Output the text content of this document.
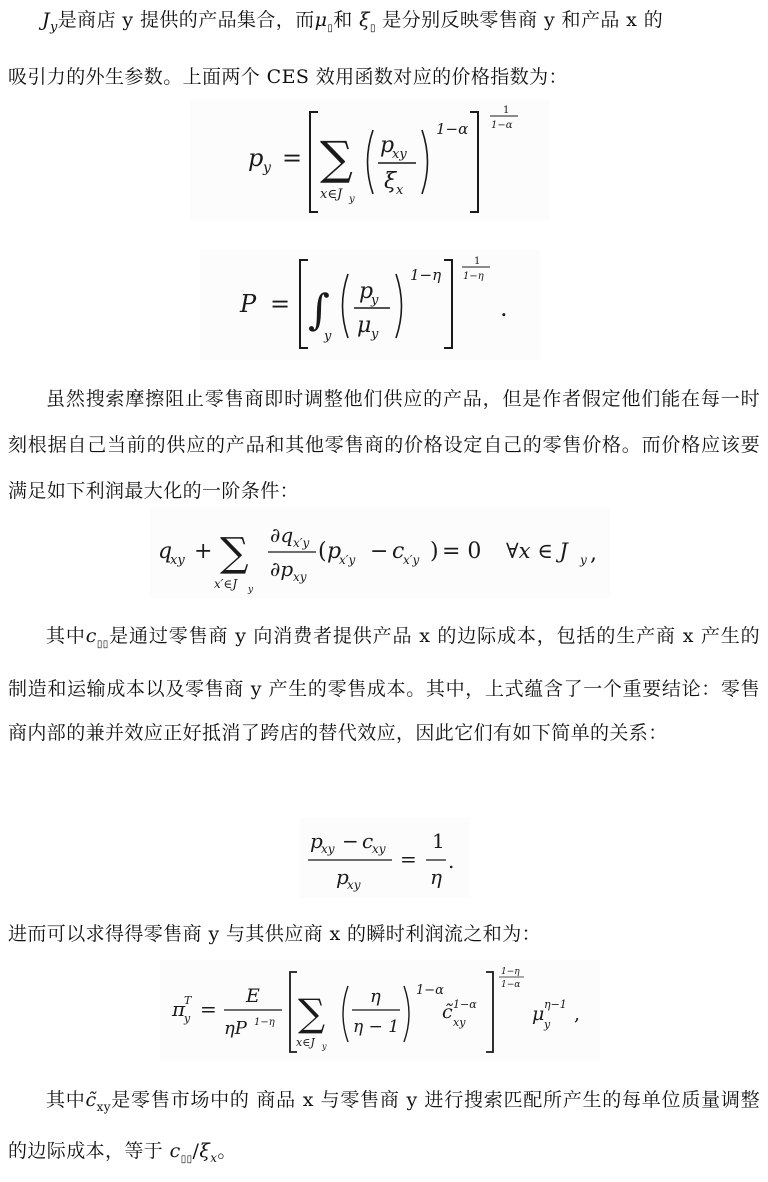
$J_y$是商店 y 提供的产品集合，而$\mu_▯$和 $\xi_▯$ 是分别反映零售商 y 和产品 x 的
吸引力的外生参数。上面两个 CES 效用函数对应的价格指数为：
p y = ∑
x∈J y
p
xy
ξ x
1−α
1
1−α
P = ∫
y
p
y
μ y
1−η
1
1−η
.
虽然搜索摩擦阻止零售商即时调整他们供应的产品，但是作者假定他们能在每一时刻根据自己当前的供应的产品和其他零售商的价格设定自己的零售价格。而价格应该要满足如下利润最大化的一阶条件：
q
xy + ∑
x′∈J y
∂q x′y
∂p xy
( p
x′y − c
x′y ) = 0 ∀x ∈ J y ,
其中$c_{▯▯}$是通过零售商 y 向消费者提供产品 x 的边际成本，包括的生产商 x 产生的制造和运输成本以及零售商 y 产生的零售成本。其中，上式蕴含了一个重要结论：零售商内部的兼并效应正好抵消了跨店的替代效应，因此它们有如下简单的关系：
p
xy − c
xy
p
xy
=
1
η
.
进而可以求得得零售商 y 与其供应商 x 的瞬时利润流之和为：
π
T
y =
E
ηP 1−η ∑
x∈J y
η
η − 1
1−α
c̃ 1−α
xy
1−η
1−α
μ η−1
y ,
其中$c̃_{xy}$是零售市场中的 商品 x 与零售商 y 进行搜索匹配所产生的每单位质量调整的边际成本，等于 $c_{▯▯}/\xi_x$。
